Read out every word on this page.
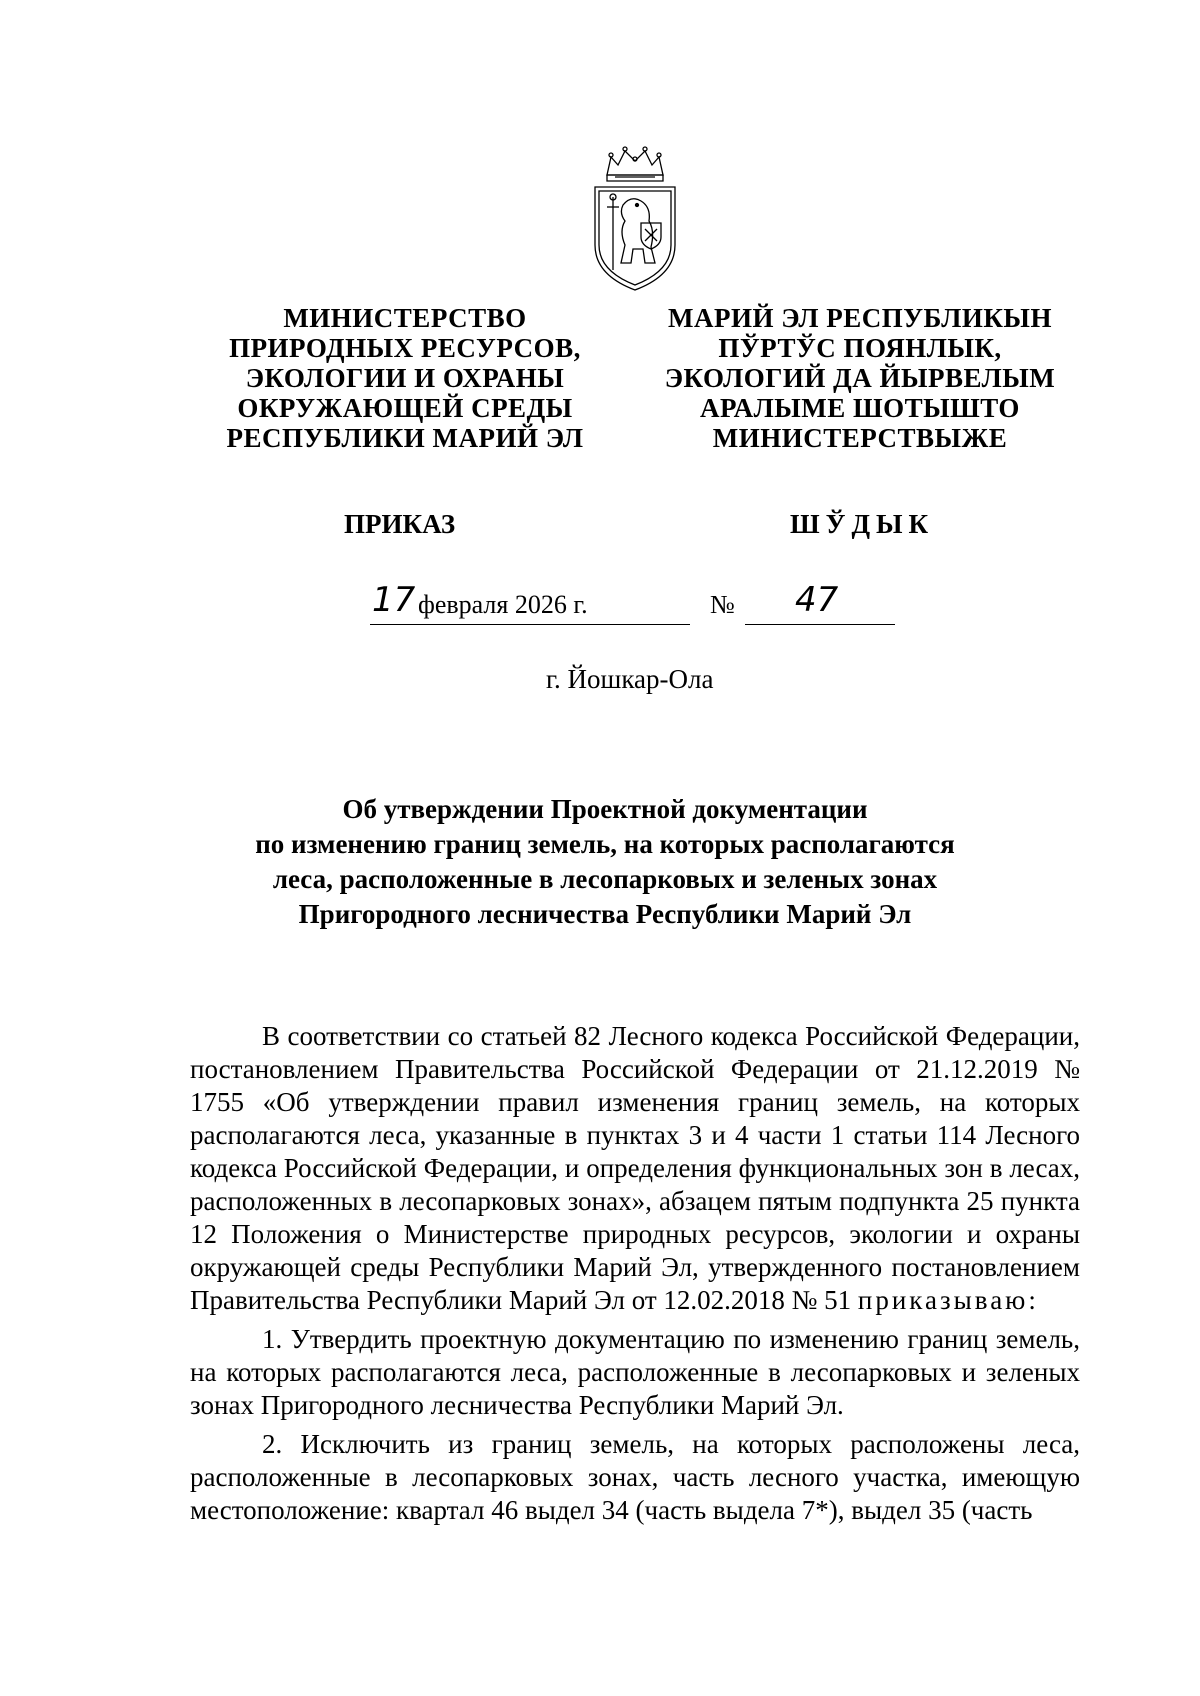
МИНИСТЕРСТВО
ПРИРОДНЫХ РЕСУРСОВ,
ЭКОЛОГИИ И ОХРАНЫ
ОКРУЖАЮЩЕЙ СРЕДЫ
РЕСПУБЛИКИ МАРИЙ ЭЛ
МАРИЙ ЭЛ РЕСПУБЛИКЫН
ПЎРТЎС ПОЯНЛЫК,
ЭКОЛОГИЙ ДА ЙЫРВЕЛЫМ
АРАЛЫМЕ ШОТЫШТО
МИНИСТЕРСТВЫЖЕ
ПРИКАЗ	ШЎДЫК
17 февраля 2026 г.	№ 47
г. Йошкар-Ола
Об утверждении Проектной документации
по изменению границ земель, на которых располагаются
леса, расположенные в лесопарковых и зеленых зонах
Пригородного лесничества Республики Марий Эл

В соответствии со статьей 82 Лесного кодекса Российской Федерации, постановлением Правительства Российской Федерации от 21.12.2019 № 1755 «Об утверждении правил изменения границ земель, на которых располагаются леса, указанные в пунктах 3 и 4 части 1 статьи 114 Лесного кодекса Российской Федерации, и определения функциональных зон в лесах, расположенных в лесопарковых зонах», абзацем пятым подпункта 25 пункта 12 Положения о Министерстве природных ресурсов, экологии и охраны окружающей среды Республики Марий Эл, утвержденного постановлением Правительства Республики Марий Эл от 12.02.2018 № 51 приказываю:

1. Утвердить проектную документацию по изменению границ земель, на которых располагаются леса, расположенные в лесопарковых и зеленых зонах Пригородного лесничества Республики Марий Эл.

2. Исключить из границ земель, на которых расположены леса, расположенные в лесопарковых зонах, часть лесного участка, имеющую местоположение: квартал 46 выдел 34 (часть выдела 7*), выдел 35 (часть
